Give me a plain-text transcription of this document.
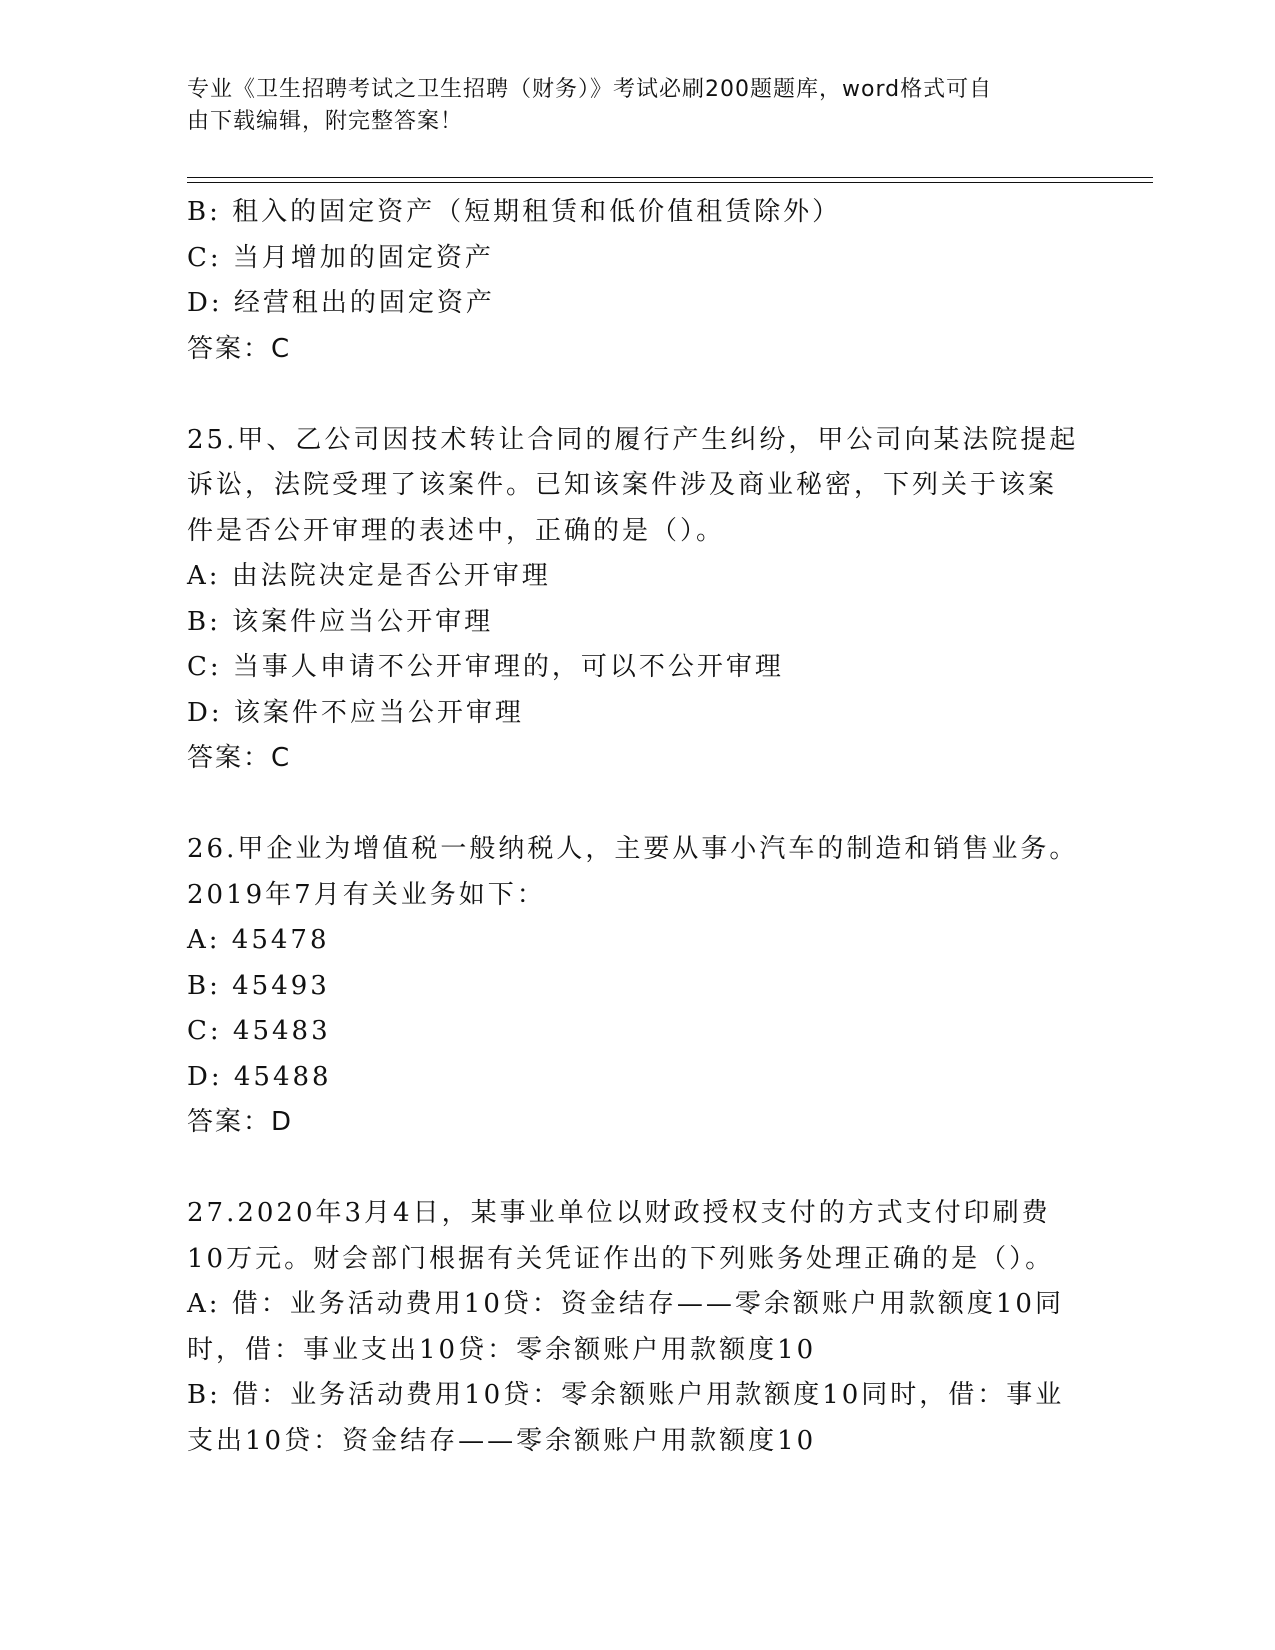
专业《卫生招聘考试之卫生招聘（财务）》考试必刷200题题库，word格式可自
由下载编辑，附完整答案！
B: 租入的固定资产（短期租赁和低价值租赁除外）
C: 当月增加的固定资产
D: 经营租出的固定资产
答案：C
25.甲、乙公司因技术转让合同的履行产生纠纷，甲公司向某法院提起
诉讼，法院受理了该案件。已知该案件涉及商业秘密，下列关于该案
件是否公开审理的表述中，正确的是（）。
A: 由法院决定是否公开审理
B: 该案件应当公开审理
C: 当事人申请不公开审理的，可以不公开审理
D: 该案件不应当公开审理
答案：C
26.甲企业为增值税一般纳税人，主要从事小汽车的制造和销售业务。
2019年7月有关业务如下：
A: 45478
B: 45493
C: 45483
D: 45488
答案：D
27.2020年3月4日，某事业单位以财政授权支付的方式支付印刷费
10万元。财会部门根据有关凭证作出的下列账务处理正确的是（）。
A: 借：业务活动费用10贷：资金结存——零余额账户用款额度10同
时，借：事业支出10贷：零余额账户用款额度10
B: 借：业务活动费用10贷：零余额账户用款额度10同时，借：事业
支出10贷：资金结存——零余额账户用款额度10
